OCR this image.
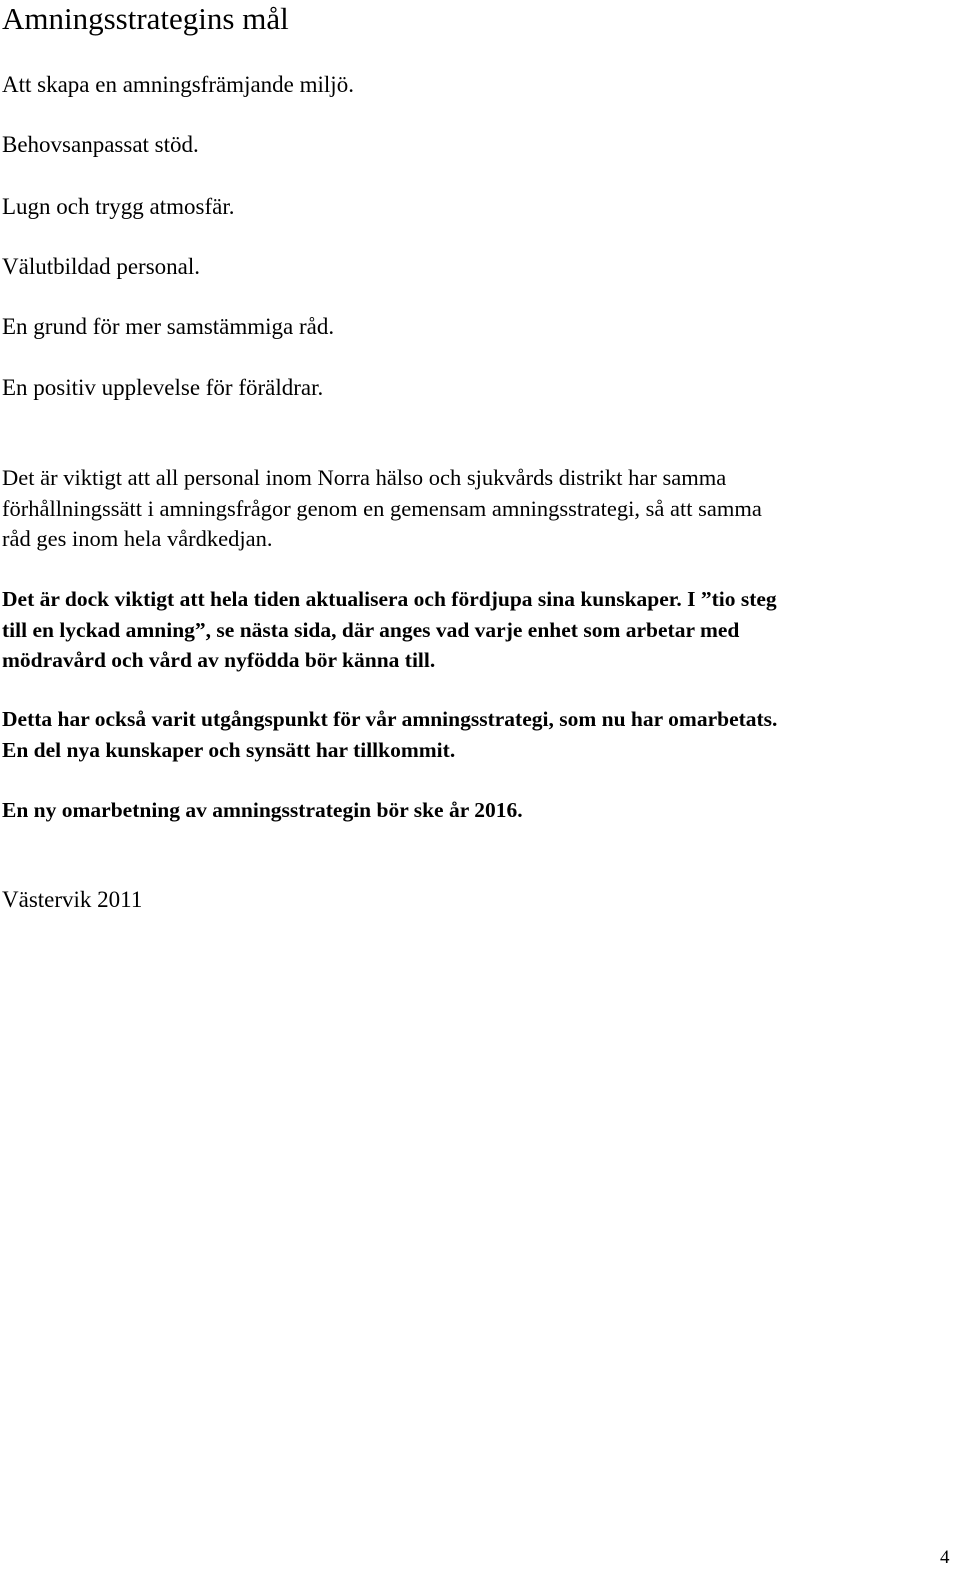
Amningsstrategins mål

Att skapa en amningsfrämjande miljö.

Behovsanpassat stöd.

Lugn och trygg atmosfär.

Välutbildad personal.

En grund för mer samstämmiga råd.

En positiv upplevelse för föräldrar.

Det är viktigt att all personal inom Norra hälso och sjukvårds distrikt har samma
förhållningssätt i amningsfrågor genom en gemensam amningsstrategi, så att samma
råd ges inom hela vårdkedjan.

Det är dock viktigt att hela tiden aktualisera och fördjupa sina kunskaper. I ”tio steg
till en lyckad amning”, se nästa sida, där anges vad varje enhet som arbetar med
mödravård och vård av nyfödda bör känna till.

Detta har också varit utgångspunkt för vår amningsstrategi, som nu har omarbetats.
En del nya kunskaper och synsätt har tillkommit.

En ny omarbetning av amningsstrategin bör ske år 2016.

Västervik 2011

4
